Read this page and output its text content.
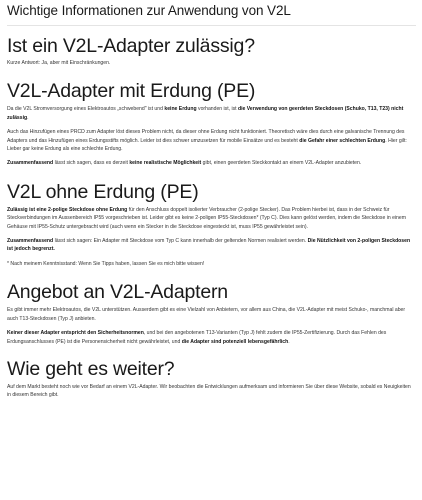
Wichtige Informationen zur Anwendung von V2L
Ist ein V2L-Adapter zulässig?

Kurze Antwort: Ja, aber mit Einschränkungen.

V2L-Adapter mit Erdung (PE)

Da die V2L Stromversorgung eines Elektroautos „schwebend" ist und keine Erdung vorhanden ist, ist die Verwendung von geerdeten Steckdosen (Schuko, T13, T23) nicht zulässig.

Auch das Hinzufügen eines PRCD zum Adapter löst dieses Problem nicht, da dieser ohne Erdung nicht funktioniert. Theoretisch wäre dies durch eine galvanische Trennung des Adapters und das Hinzufügen eines Erdungsstifts möglich. Leider ist dies schwer umzusetzen für mobile Einsätze und es besteht die Gefahr einer schlechten Erdung. Hier gilt: Lieber gar keine Erdung als eine schlechte Erdung.

Zusammenfassend lässt sich sagen, dass es derzeit keine realistische Möglichkeit gibt, einen geerdeten Steckkontakt an einem V2L-Adapter anzubieten.

V2L ohne Erdung (PE)

Zulässig ist eine 2-polige Steckdose ohne Erdung für den Anschluss doppelt isolierter Verbraucher (2-polige Stecker). Das Problem hierbei ist, dass in der Schweiz für Steckverbindungen im Aussenbereich IP55 vorgeschrieben ist. Leider gibt es keine 2-poligen IP55-Steckdosen* (Typ C). Dies kann gelöst werden, indem die Steckdose in einem Gehäuse mit IP55-Schutz untergebracht wird (auch wenn ein Stecker in die Steckdose eingesteckt ist, muss IP55 gewährleistet sein).

Zusammenfassend lässt sich sagen: Ein Adapter mit Steckdose vom Typ C kann innerhalb der geltenden Normen realisiert werden. Die Nützlichkeit von 2-poligen Steckdosen ist jedoch begrenzt.

* Nach meinem Kenntnisstand: Wenn Sie Tipps haben, lassen Sie es mich bitte wissen!

Angebot an V2L-Adaptern

Es gibt immer mehr Elektroautos, die V2L unterstützen. Ausserdem gibt es eine Vielzahl von Anbietern, vor allem aus China, die V2L-Adapter mit meist Schuko-, manchmal aber auch T13-Steckdosen (Typ J) anbieten.

Keiner dieser Adapter entspricht den Sicherheitsnormen, und bei den angebotenen T13-Varianten (Typ J) fehlt zudem die IP55-Zertifizierung. Durch das Fehlen des Erdungsanschlusses (PE) ist die Personensicherheit nicht gewährleistet, und die Adapter sind potenziell lebensgefährlich.

Wie geht es weiter?

Auf dem Markt besteht noch wie vor Bedarf an einem V2L-Adapter. Wir beobachten die Entwicklungen aufmerksam und informieren Sie über diese Website, sobald es Neuigkeiten in diesem Bereich gibt.
